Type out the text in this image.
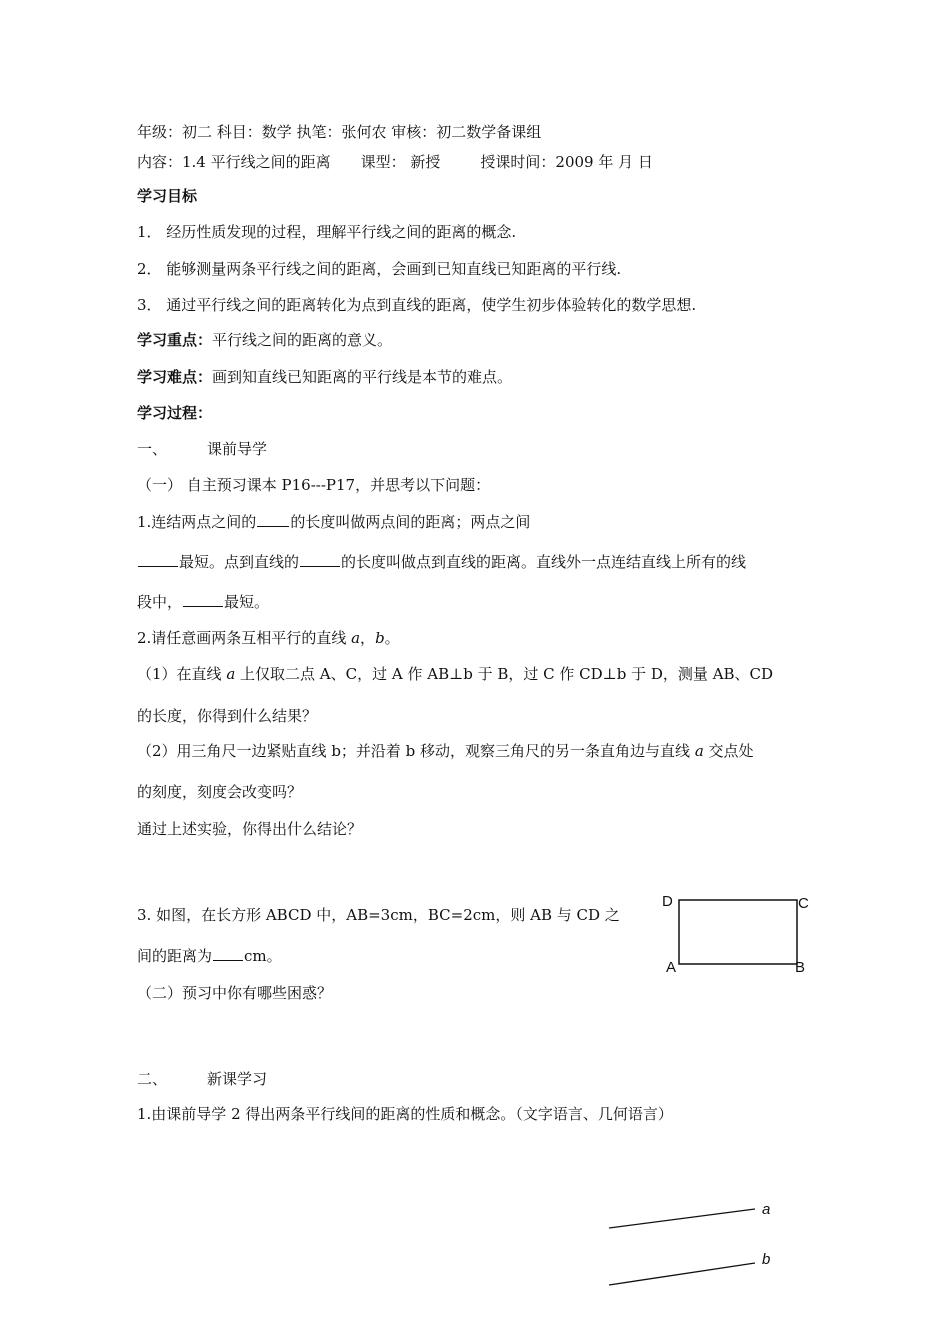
年级：初二 科目：数学 执笔：张何农 审核：初二数学备课组
内容：1.4 平行线之间的距离 课型： 新授	授课时间：2009 年 月 日
学习目标
1． 经历性质发现的过程，理解平行线之间的距离的概念.
2． 能够测量两条平行线之间的距离，会画到已知直线已知距离的平行线.
3． 通过平行线之间的距离转化为点到直线的距离，使学生初步体验转化的数学思想.
学习重点：平行线之间的距离的意义。
学习难点：画到知直线已知距离的平行线是本节的难点。
学习过程：
一、	课前导学
（一） 自主预习课本 P16---P17，并思考以下问题：
1.连结两点之间的 的长度叫做两点间的距离；两点之间
最短。点到直线的	的长度叫做点到直线的距离。直线外一点连结直线上所有的线
段中，	最短。
2.请任意画两条互相平行的直线 a，b。
（1）在直线 a 上仅取二点 A、C，过 A 作 AB⊥b 于 B，过 C 作 CD⊥b 于 D，测量 AB、CD
的长度，你得到什么结果？
（2）用三角尺一边紧贴直线 b；并沿着 b 移动，观察三角尺的另一条直角边与直线 a 交点处
的刻度，刻度会改变吗？
通过上述实验，你得出什么结论？
3. 如图，在长方形 ABCD 中，AB=3cm，BC=2cm，则 AB 与 CD 之
间的距离为 cm。
（二）预习中你有哪些困惑？
二、	新课学习
1.由课前导学 2 得出两条平行线间的距离的性质和概念。（文字语言、几何语言）
D	C
A	B
a
b
